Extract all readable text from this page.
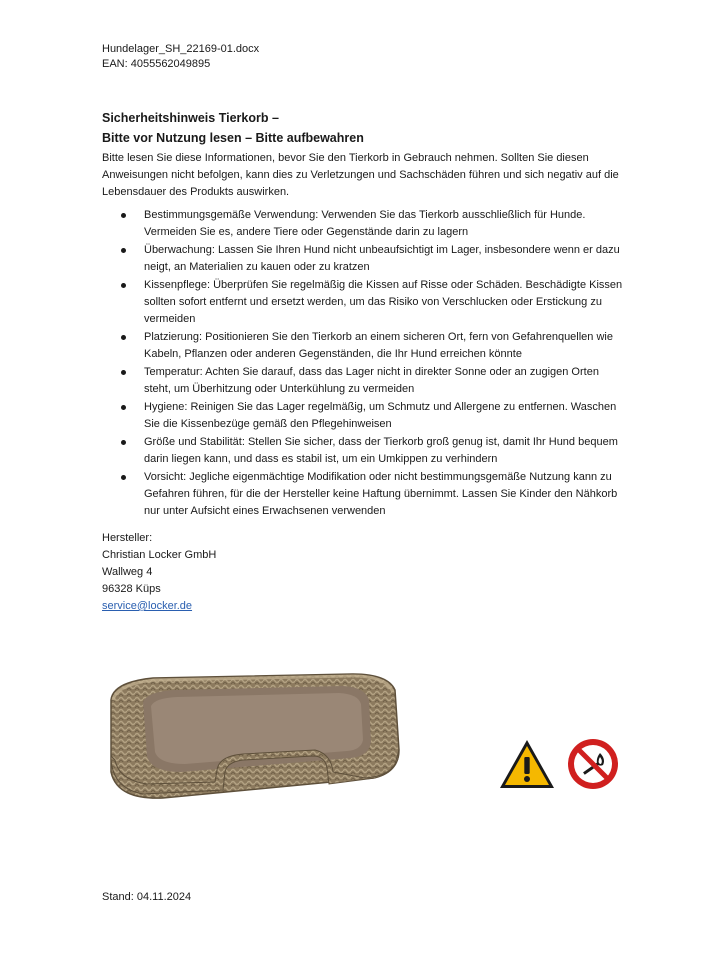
Hundelager_SH_22169-01.docx
EAN: 4055562049895
Sicherheitshinweis Tierkorb –
Bitte vor Nutzung lesen – Bitte aufbewahren
Bitte lesen Sie diese Informationen, bevor Sie den Tierkorb in Gebrauch nehmen. Sollten Sie diesen Anweisungen nicht befolgen, kann dies zu Verletzungen und Sachschäden führen und sich negativ auf die Lebensdauer des Produkts auswirken.
Bestimmungsgemäße Verwendung: Verwenden Sie das Tierkorb ausschließlich für Hunde. Vermeiden Sie es, andere Tiere oder Gegenstände darin zu lagern
Überwachung: Lassen Sie Ihren Hund nicht unbeaufsichtigt im Lager, insbesondere wenn er dazu neigt, an Materialien zu kauen oder zu kratzen
Kissenpflege: Überprüfen Sie regelmäßig die Kissen auf Risse oder Schäden. Beschädigte Kissen sollten sofort entfernt und ersetzt werden, um das Risiko von Verschlucken oder Erstickung zu vermeiden
Platzierung: Positionieren Sie den Tierkorb an einem sicheren Ort, fern von Gefahrenquellen wie Kabeln, Pflanzen oder anderen Gegenständen, die Ihr Hund erreichen könnte
Temperatur: Achten Sie darauf, dass das Lager nicht in direkter Sonne oder an zugigen Orten steht, um Überhitzung oder Unterkühlung zu vermeiden
Hygiene: Reinigen Sie das Lager regelmäßig, um Schmutz und Allergene zu entfernen. Waschen Sie die Kissenbezüge gemäß den Pflegehinweisen
Größe und Stabilität: Stellen Sie sicher, dass der Tierkorb groß genug ist, damit Ihr Hund bequem darin liegen kann, und dass es stabil ist, um ein Umkippen zu verhindern
Vorsicht: Jegliche eigenmächtige Modifikation oder nicht bestimmungsgemäße Nutzung kann zu Gefahren führen, für die der Hersteller keine Haftung übernimmt. Lassen Sie Kinder den Nähkorb nur unter Aufsicht eines Erwachsenen verwenden
Hersteller:
Christian Locker GmbH
Wallweg 4
96328 Küps
service@locker.de
Stand: 04.11.2024
